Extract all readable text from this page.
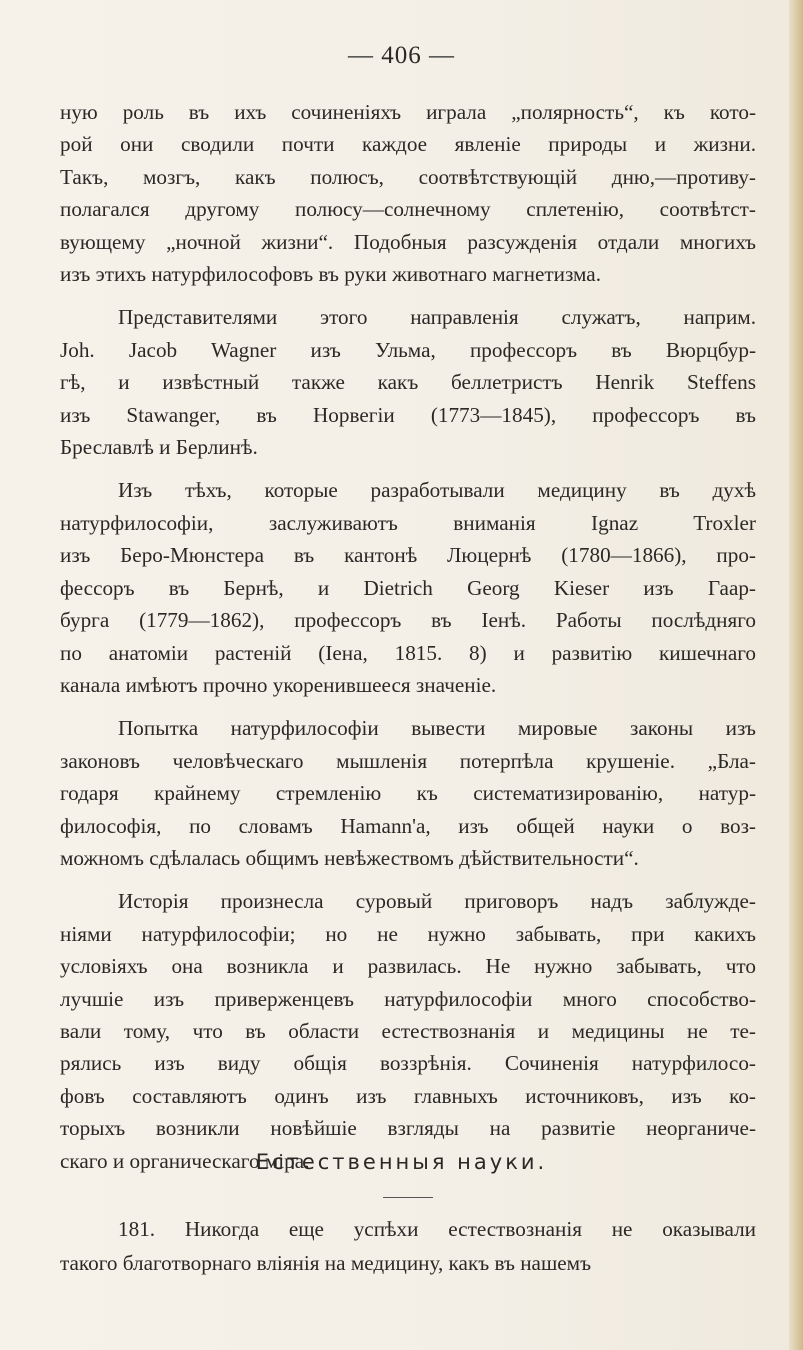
— 406 —
ную роль въ ихъ сочиненіяхъ играла „полярность“, къ кото-
рой они сводили почти каждое явленіе природы и жизни.
Такъ, мозгъ, какъ полюсъ, соотвѣтствующій дню,—противу-
полагался другому полюсу—солнечному сплетенію, соотвѣтст-
вующему „ночной жизни“. Подобныя разсужденія отдали многихъ
изъ этихъ натурфилософовъ въ руки животнаго магнетизма.
Представителями этого направленія служатъ, наприм.
Joh. Jacob Wagner изъ Ульма, профессоръ въ Вюрцбур-
гѣ, и извѣстный также какъ беллетристъ Henrik Steffens
изъ Stawanger, въ Норвегіи (1773—1845), профессоръ въ
Бреславлѣ и Берлинѣ.
Изъ тѣхъ, которые разработывали медицину въ духѣ
натурфилософіи, заслуживаютъ вниманія Ignaz Troxler
изъ Беро-Мюнстера въ кантонѣ Люцернѣ (1780—1866), про-
фессоръ въ Бернѣ, и Dietrich Georg Kieser изъ Гаар-
бурга (1779—1862), профессоръ въ Іенѣ. Работы послѣдняго
по анатоміи растеній (Іена, 1815. 8) и развитію кишечнаго
канала имѣютъ прочно укоренившееся значеніе.
Попытка натурфилософіи вывести мировые законы изъ
законовъ человѣческаго мышленія потерпѣла крушеніе. „Бла-
годаря крайнему стремленію къ систематизированію, натур-
философія, по словамъ Hamann'a, изъ общей науки о воз-
можномъ сдѣлалась общимъ невѣжествомъ дѣйствительности“.
Исторія произнесла суровый приговоръ надъ заблужде-
ніями натурфилософіи; но не нужно забывать, при какихъ
условіяхъ она возникла и развилась. Не нужно забывать, что
лучшіе изъ приверженцевъ натурфилософіи много способство-
вали тому, что въ области естествознанія и медицины не те-
рялись изъ виду общія воззрѣнія. Сочиненія натурфилосо-
фовъ составляютъ одинъ изъ главныхъ источниковъ, изъ ко-
торыхъ возникли новѣйшіе взгляды на развитіе неорганиче-
скаго и органическаго міра.
Естественныя науки.
181. Никогда еще успѣхи естествознанія не оказывали
такого благотворнаго вліянія на медицину, какъ въ нашемъ
